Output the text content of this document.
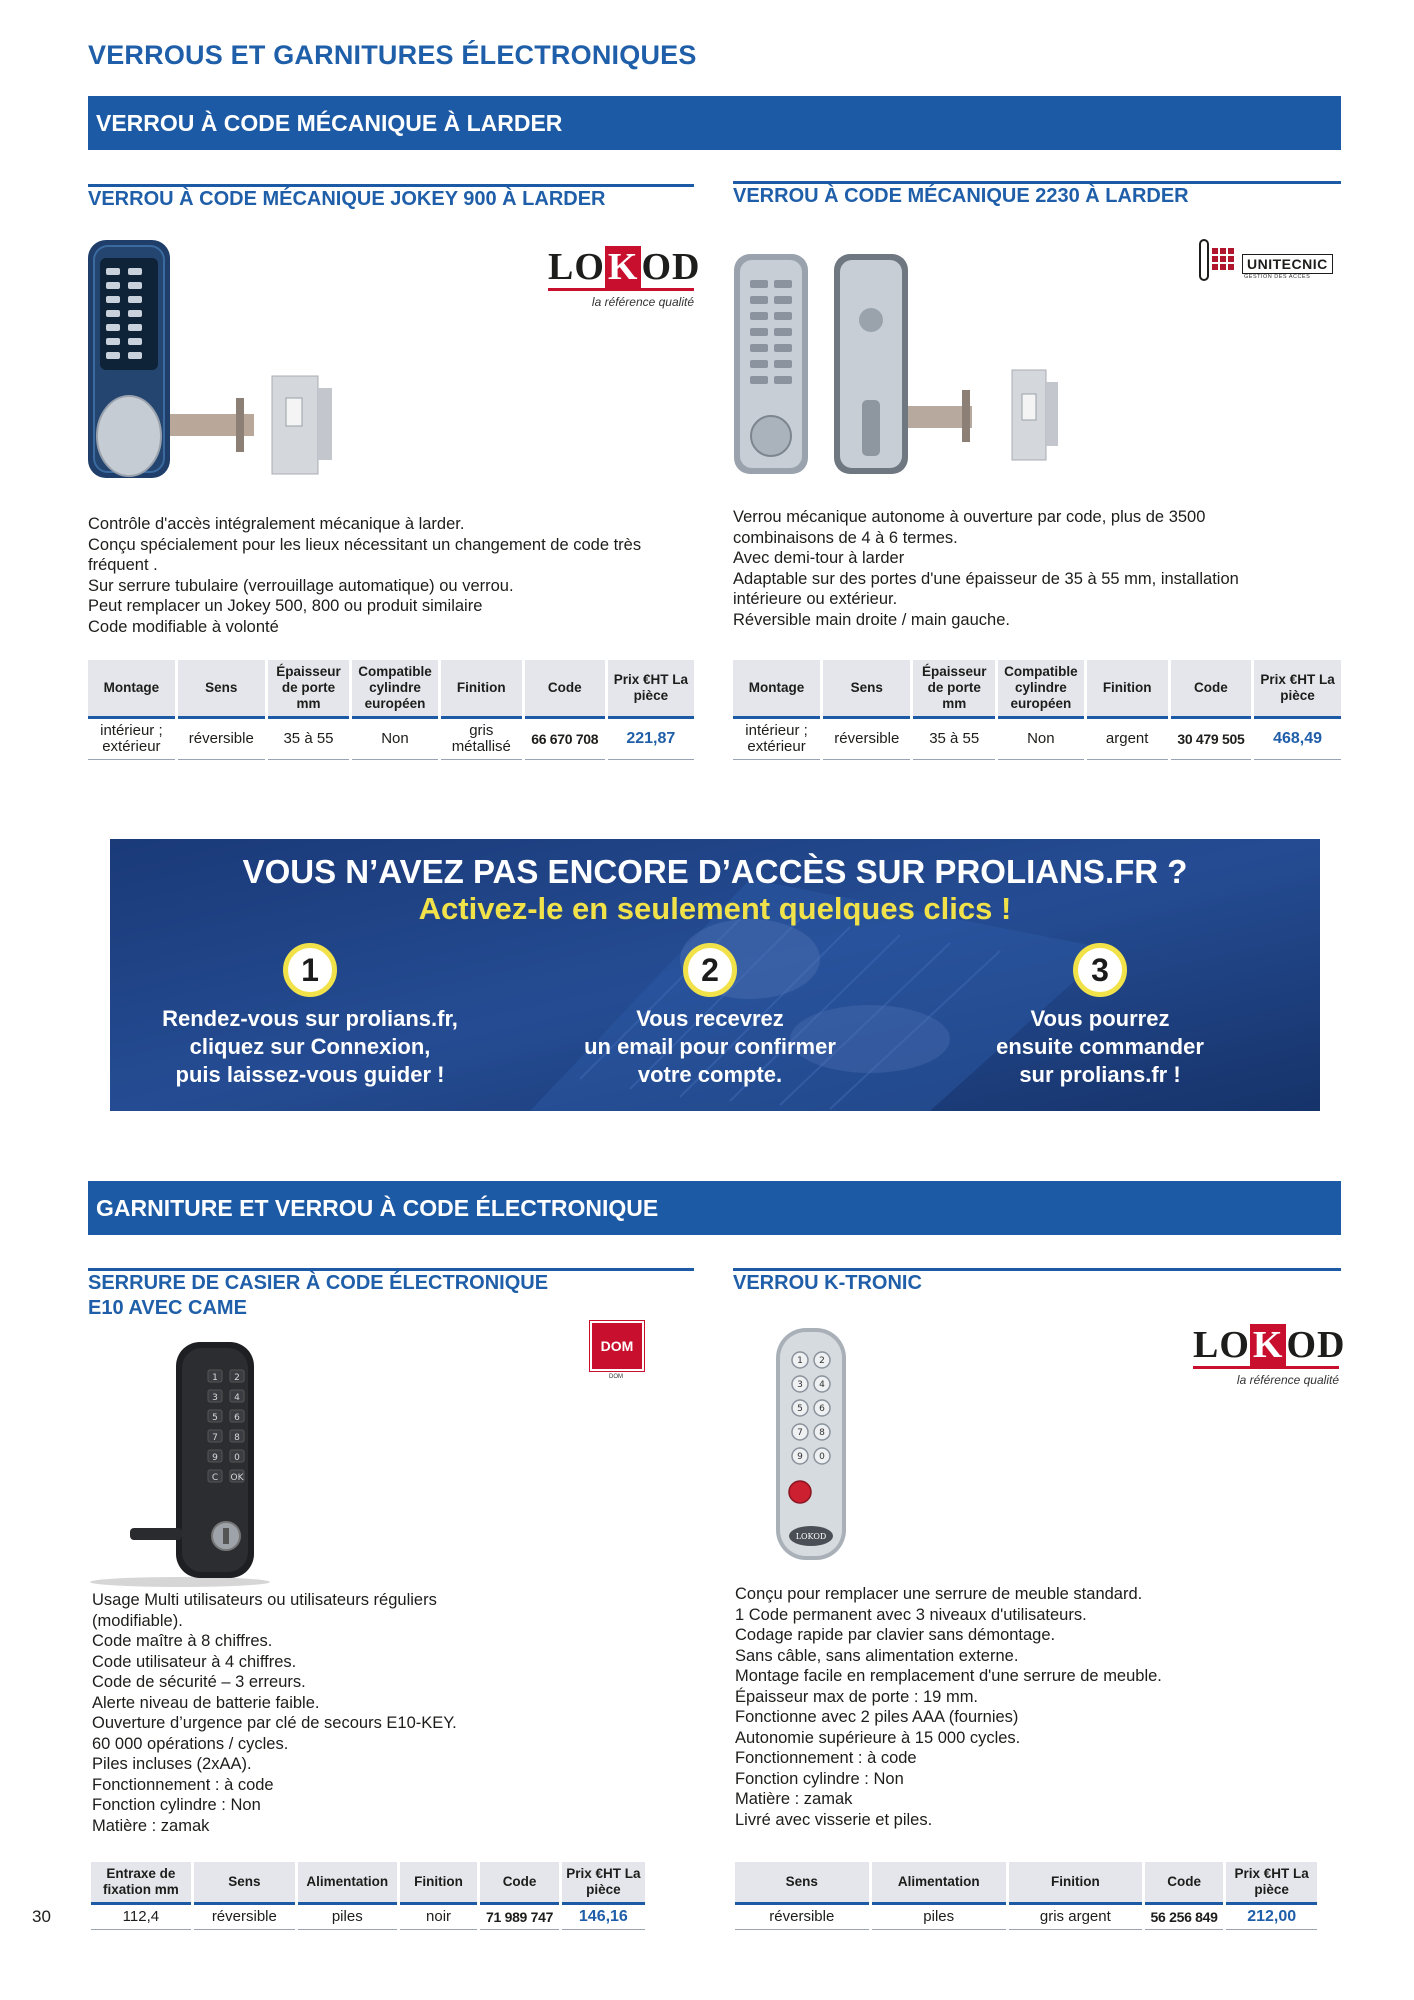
VERROUS ET GARNITURES ÉLECTRONIQUES
VERROU À CODE MÉCANIQUE À LARDER
VERROU À CODE MÉCANIQUE JOKEY 900 À LARDER
LOKOD
la référence qualité
Contrôle d'accès intégralement mécanique à larder.
Conçu spécialement pour les lieux nécessitant un changement de code très
fréquent .
Sur serrure tubulaire (verrouillage automatique) ou verrou.
Peut remplacer un Jokey 500, 800 ou produit similaire
Code modifiable à volonté
Montage	Sens	Épaisseur de porte mm	Compatible cylindre européen	Finition	Code	Prix €HT La pièce
intérieur ; extérieur	réversible	35 à 55	Non	gris métallisé	66 670 708	221,87
VERROU À CODE MÉCANIQUE 2230 À LARDER
UNITECNIC
GESTION DES ACCÈS
Verrou mécanique autonome à ouverture par code, plus de 3500
combinaisons de 4 à 6 termes.
Avec demi-tour à larder
Adaptable sur des portes d'une épaisseur de 35 à 55 mm, installation
intérieure ou extérieur.
Réversible main droite / main gauche.
Montage	Sens	Épaisseur de porte mm	Compatible cylindre européen	Finition	Code	Prix €HT La pièce
intérieur ; extérieur	réversible	35 à 55	Non	argent	30 479 505	468,49
VOUS N’AVEZ PAS ENCORE D’ACCÈS SUR PROLIANS.FR ?
Activez-le en seulement quelques clics !
1
Rendez-vous sur prolians.fr,
cliquez sur Connexion,
puis laissez-vous guider !
2
Vous recevrez
un email pour confirmer
votre compte.
3
Vous pourrez
ensuite commander
sur prolians.fr !
GARNITURE ET VERROU À CODE ÉLECTRONIQUE
SERRURE DE CASIER À CODE ÉLECTRONIQUE
E10 AVEC CAME
1 2
3 4
5 6
7 8
9 0
C OK
DOM
DOM
Usage Multi utilisateurs ou utilisateurs réguliers
(modifiable).
Code maître à 8 chiffres.
Code utilisateur à 4 chiffres.
Code de sécurité – 3 erreurs.
Alerte niveau de batterie faible.
Ouverture d’urgence par clé de secours E10-KEY.
60 000 opérations / cycles.
Piles incluses (2xAA).
Fonctionnement : à code
Fonction cylindre : Non
Matière : zamak
Entraxe de fixation mm	Sens	Alimentation	Finition	Code	Prix €HT La pièce
112,4	réversible	piles	noir	71 989 747	146,16
VERROU K-TRONIC
1 2
3 4
5 6
7 8
9 0
LOKOD
LOKOD
la référence qualité
Conçu pour remplacer une serrure de meuble standard.
1 Code permanent avec 3 niveaux d'utilisateurs.
Codage rapide par clavier sans démontage.
Sans câble, sans alimentation externe.
Montage facile en remplacement d'une serrure de meuble.
Épaisseur max de porte : 19 mm.
Fonctionne avec 2 piles AAA (fournies)
Autonomie supérieure à 15 000 cycles.
Fonctionnement : à code
Fonction cylindre : Non
Matière : zamak
Livré avec visserie et piles.
Sens	Alimentation	Finition	Code	Prix €HT La pièce
réversible	piles	gris argent	56 256 849	212,00
30
